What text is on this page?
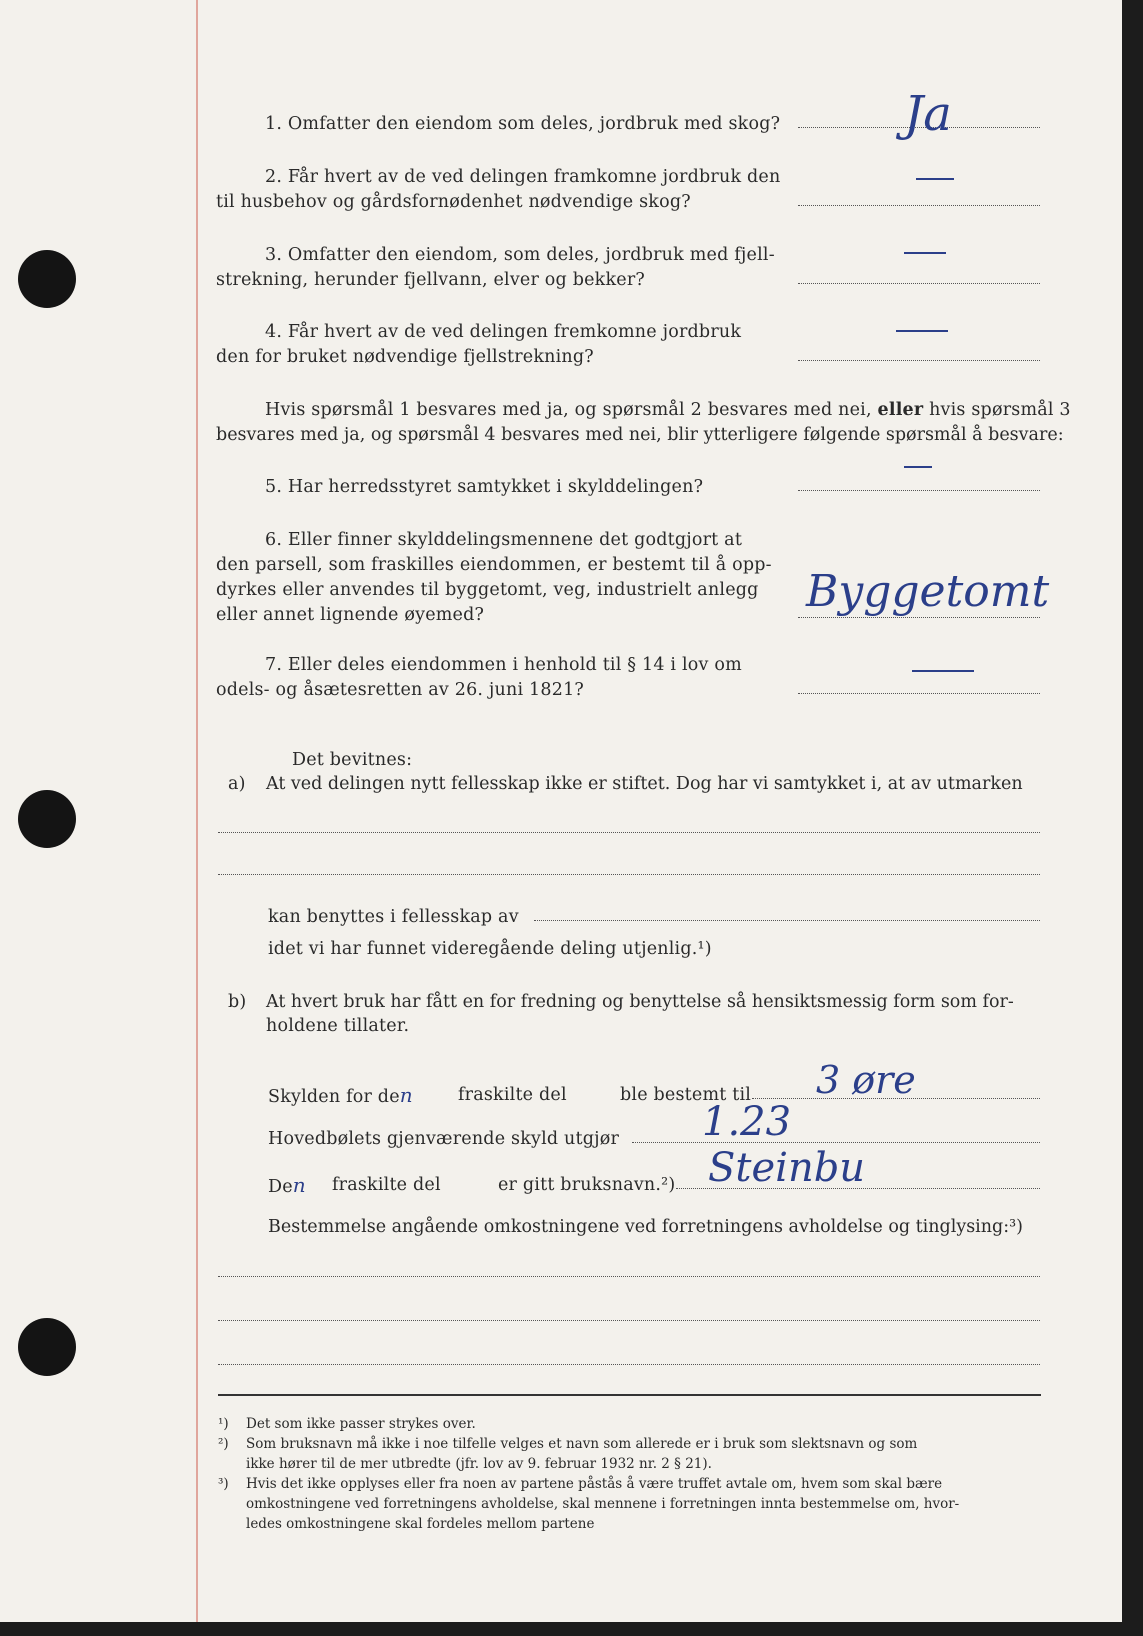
1. Omfatter den eiendom som deles, jordbruk med skog?	Ja

2. Får hvert av de ved delingen framkomne jordbruk den

til husbehov og gårdsfornødenhet nødvendige skog?

3. Omfatter den eiendom, som deles, jordbruk med fjell-

strekning, herunder fjellvann, elver og bekker?

4. Får hvert av de ved delingen fremkomne jordbruk

den for bruket nødvendige fjellstrekning?

Hvis spørsmål 1 besvares med ja, og spørsmål 2 besvares med nei, eller hvis spørsmål 3

besvares med ja, og spørsmål 4 besvares med nei, blir ytterligere følgende spørsmål å besvare:

5. Har herredsstyret samtykket i skylddelingen?

6. Eller finner skylddelingsmennene det godtgjort at

den parsell, som fraskilles eiendommen, er bestemt til å opp-

dyrkes eller anvendes til byggetomt, veg, industrielt anlegg

eller annet lignende øyemed?	Byggetomt

7. Eller deles eiendommen i henhold til § 14 i lov om

odels- og åsætesretten av 26. juni 1821?

Det bevitnes:

a) At ved delingen nytt fellesskap ikke er stiftet. Dog har vi samtykket i, at av utmarken

kan benyttes i fellesskap av

idet vi har funnet videregående deling utjenlig.¹)

b) At hvert bruk har fått en for fredning og benyttelse så hensiktsmessig form som for-

holdene tillater.

Skylden for den	fraskilte del	ble bestemt til 3 øre

Hovedbølets gjenværende skyld utgjør 1.23

Den fraskilte del	er gitt bruksnavn.²) Steinbu

Bestemmelse angående omkostningene ved forretningens avholdelse og tinglysing:³)

¹) Det som ikke passer strykes over.

²) Som bruksnavn må ikke i noe tilfelle velges et navn som allerede er i bruk som slektsnavn og som

ikke hører til de mer utbredte (jfr. lov av 9. februar 1932 nr. 2 § 21).

³) Hvis det ikke opplyses eller fra noen av partene påstås å være truffet avtale om, hvem som skal bære

omkostningene ved forretningens avholdelse, skal mennene i forretningen innta bestemmelse om, hvor-

ledes omkostningene skal fordeles mellom partene
